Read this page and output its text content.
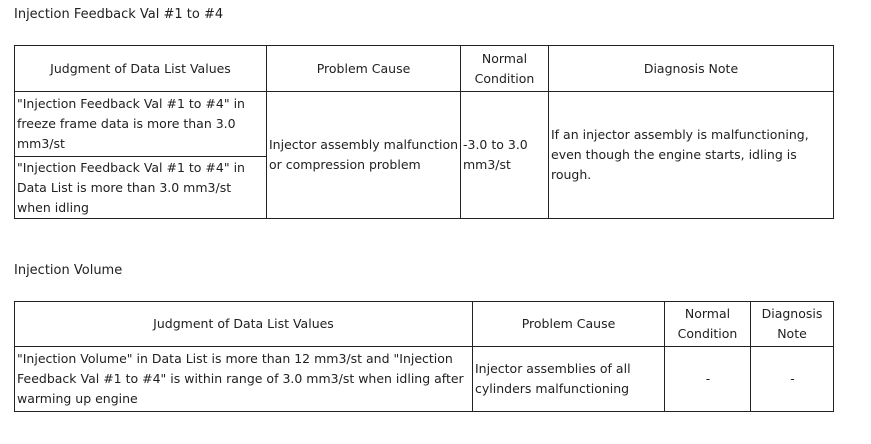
Injection Feedback Val #1 to #4
Judgment of Data List Values	Problem Cause	Normal Condition	Diagnosis Note
"Injection Feedback Val #1 to #4" in freeze frame data is more than 3.0 mm3/st	Injector assembly malfunction or compression problem	-3.0 to 3.0 mm3/st	If an injector assembly is malfunctioning, even though the engine starts, idling is rough.
"Injection Feedback Val #1 to #4" in Data List is more than 3.0 mm3/st when idling			
Injection Volume
Judgment of Data List Values	Problem Cause	Normal Condition	Diagnosis Note
"Injection Volume" in Data List is more than 12 mm3/st and "Injection Feedback Val #1 to #4" is within range of 3.0 mm3/st when idling after warming up engine	Injector assemblies of all cylinders malfunctioning	-	-
